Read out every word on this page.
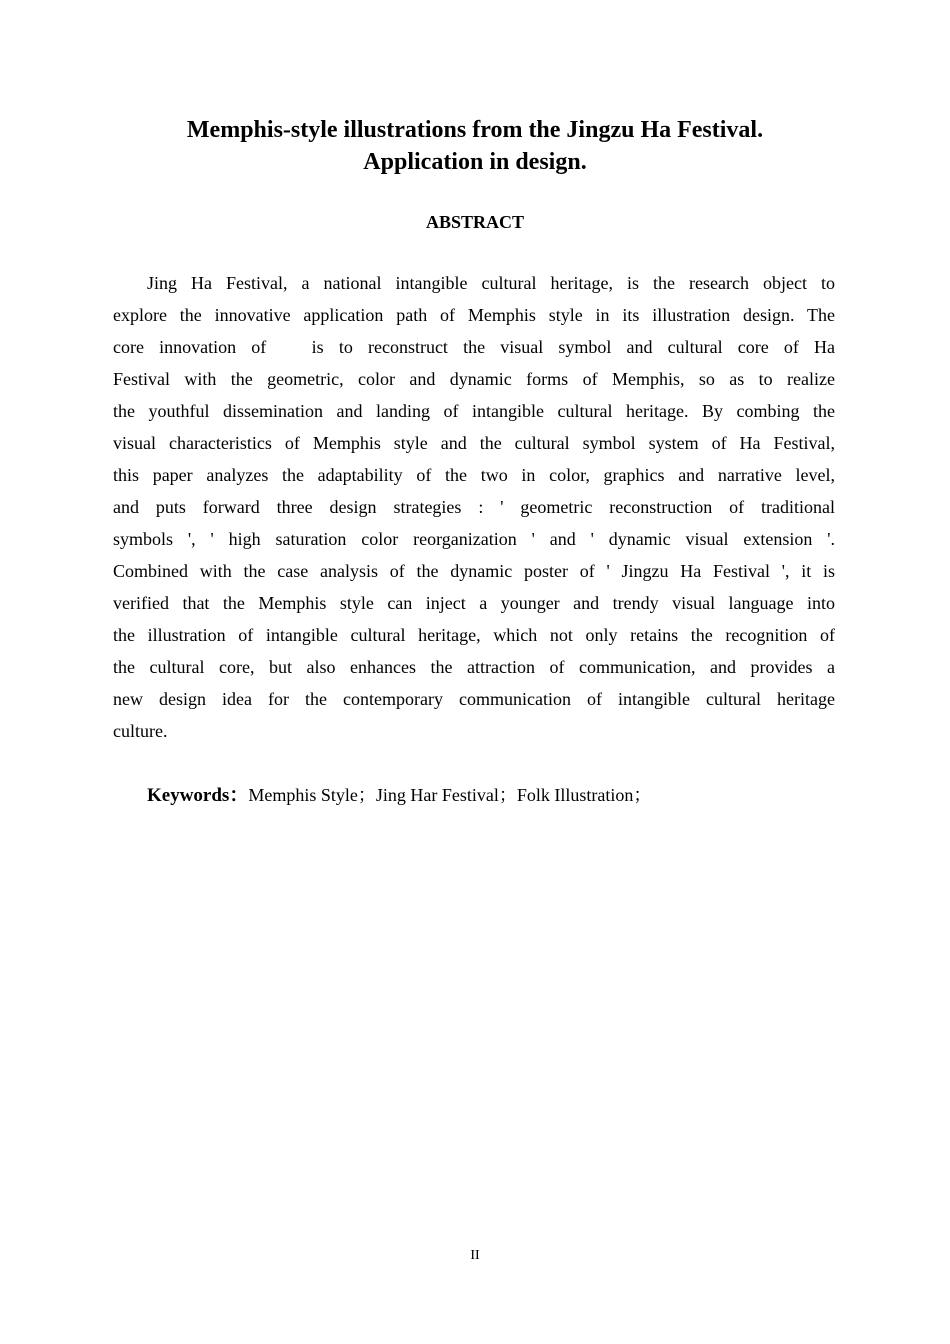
Memphis-style illustrations from the Jingzu Ha Festival.
Application in design.
ABSTRACT
Jing Ha Festival, a national intangible cultural heritage, is the research object to
explore the innovative application path of Memphis style in its illustration design. The
core innovation of   is to reconstruct the visual symbol and cultural core of Ha
Festival with the geometric, color and dynamic forms of Memphis, so as to realize
the youthful dissemination and landing of intangible cultural heritage. By combing the
visual characteristics of Memphis style and the cultural symbol system of Ha Festival,
this paper analyzes the adaptability of the two in color, graphics and narrative level,
and puts forward three design strategies : ' geometric reconstruction of traditional
symbols ', ' high saturation color reorganization ' and ' dynamic visual extension '.
Combined with the case analysis of the dynamic poster of ' Jingzu Ha Festival ', it is
verified that the Memphis style can inject a younger and trendy visual language into
the illustration of intangible cultural heritage, which not only retains the recognition of
the cultural core, but also enhances the attraction of communication, and provides a
new design idea for the contemporary communication of intangible cultural heritage
culture.

Keywords：Memphis Style；Jing Har Festival；Folk Illustration；

II
